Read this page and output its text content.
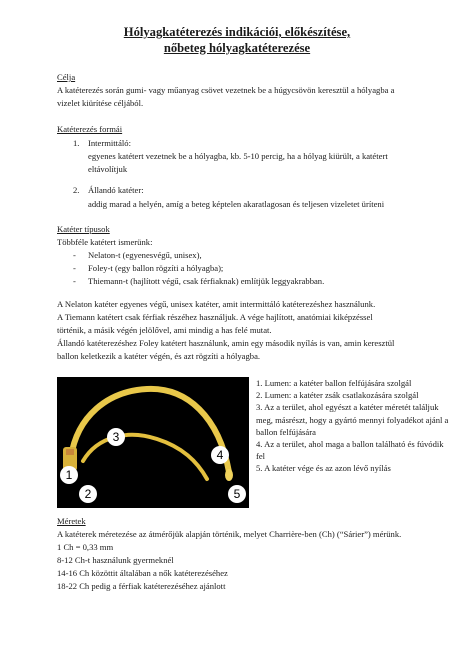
Hólyagkatéterezés indikációi, előkészítése,
nőbeteg hólyagkatéterezése
Célja
A katéterezés során gumi- vagy műanyag csövet vezetnek be a húgycsövön keresztül a hólyagba a
vizelet kiürítése céljából.
Katéterezés formái
1. Intermittáló:
egyenes katétert vezetnek be a hólyagba, kb. 5-10 percig, ha a hólyag kiürült, a katétert
eltávolítjuk
2. Állandó katéter:
addig marad a helyén, amíg a beteg képtelen akaratlagosan és teljesen vizeletet üríteni
Katéter típusok
Többféle katétert ismerünk:
- Nelaton-t (egyenesvégű, unisex),
- Foley-t (egy ballon rögzíti a hólyagba);
- Thiemann-t (hajlított végű, csak férfiaknak) említjük leggyakrabban.
A Nelaton katéter egyenes végű, unisex katéter, amit intermittáló katéterezéshez használunk.
A Tiemann katétert csak férfiak részéhez használjuk. A vége hajlított, anatómiai kiképzéssel
történik, a másik végén jelölővel, ami mindig a has felé mutat.
Állandó katéterezéshez Foley katétert használunk, amin egy második nyílás is van, amin keresztül
ballon keletkezik a katéter végén, és azt rögzíti a hólyagba.
1
2
3
4
5
1. Lumen: a katéter ballon felfújására szolgál
2. Lumen: a katéter zsák csatlakozására szolgál
3. Az a terület, ahol egyészt a katéter méretét találjuk meg, másrészt, hogy a gyártó mennyi folyadékot ajánl a ballon felfújására
4. Az a terület, ahol maga a ballon található és fúvódik fel
5. A katéter vége és az azon lévő nyílás
Méretek
A katéterek méretezése az átmérőjük alapján történik, melyet Charrière-ben (Ch) (“Sárier”) mérünk.
1 Ch = 0,33 mm
8-12 Ch-t használunk gyermeknél
14-16 Ch közöttit általában a nők katéterezéséhez
18-22 Ch pedig a férfiak katéterezéséhez ajánlott
